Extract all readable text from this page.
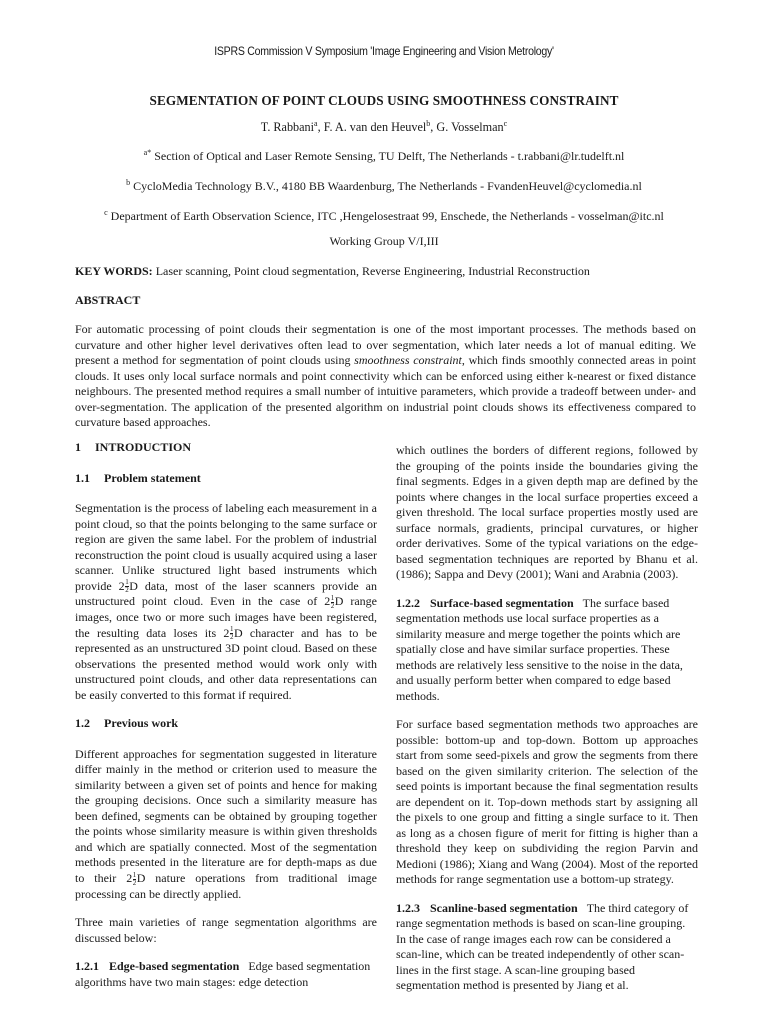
ISPRS Commission V Symposium 'Image Engineering and Vision Metrology'
SEGMENTATION OF POINT CLOUDS USING SMOOTHNESS CONSTRAINT
T. Rabbani$^a$, F. A. van den Heuvel$^b$, G. Vosselman$^c$
$^{a*}$ Section of Optical and Laser Remote Sensing, TU Delft, The Netherlands - t.rabbani@lr.tudelft.nl
$^b$ CycloMedia Technology B.V., 4180 BB Waardenburg, The Netherlands - FvandenHeuvel@cyclomedia.nl
$^c$ Department of Earth Observation Science, ITC ,Hengelosestraat 99, Enschede, the Netherlands - vosselman@itc.nl
Working Group V/I,III
KEY WORDS: Laser scanning, Point cloud segmentation, Reverse Engineering, Industrial Reconstruction
ABSTRACT

For automatic processing of point clouds their segmentation is one of the most important processes. The methods based on curvature and other higher level derivatives often lead to over segmentation, which later needs a lot of manual editing. We present a method for segmentation of point clouds using smoothness constraint, which finds smoothly connected areas in point clouds. It uses only local surface normals and point connectivity which can be enforced using either k-nearest or fixed distance neighbours. The presented method requires a small number of intuitive parameters, which provide a tradeoff between under- and over-segmentation. The application of the presented algorithm on industrial point clouds shows its effectiveness compared to curvature based approaches.

1 INTRODUCTION
1.1 Problem statement

Segmentation is the process of labeling each measurement in a point cloud, so that the points belonging to the same surface or region are given the same label. For the problem of industrial reconstruction the point cloud is usually acquired using a laser scanner. Unlike structured light based instruments which provide $2 \frac{1}{2}$ D data, most of the laser scanners provide an unstructured point cloud. Even in the case of $2 \frac{1}{2}$ D range images, once two or more such images have been registered, the resulting data loses its $2 \frac{1}{2}$ D character and has to be represented as an unstructured 3D point cloud. Based on these observations the presented method would work only with unstructured point clouds, and other data representations can be easily converted to this format if required.

1.2 Previous work

Different approaches for segmentation suggested in literature differ mainly in the method or criterion used to measure the similarity between a given set of points and hence for making the grouping decisions. Once such a similarity measure has been defined, segments can be obtained by grouping together the points whose similarity measure is within given thresholds and which are spatially connected. Most of the segmentation methods presented in the literature are for depth-maps as due to their $2 \frac{1}{2}$ D nature operations from traditional image processing can be directly applied.

Three main varieties of range segmentation algorithms are discussed below:

1.2.1 Edge-based segmentation Edge based segmentation algorithms have two main stages: edge detection

which outlines the borders of different regions, followed by the grouping of the points inside the boundaries giving the final segments. Edges in a given depth map are defined by the points where changes in the local surface properties exceed a given threshold. The local surface properties mostly used are surface normals, gradients, principal curvatures, or higher order derivatives. Some of the typical variations on the edge-based segmentation techniques are reported by Bhanu et al. (1986); Sappa and Devy (2001); Wani and Arabnia (2003).

1.2.2 Surface-based segmentation The surface based segmentation methods use local surface properties as a similarity measure and merge together the points which are spatially close and have similar surface properties. These methods are relatively less sensitive to the noise in the data, and usually perform better when compared to edge based methods.

For surface based segmentation methods two approaches are possible: bottom-up and top-down. Bottom up approaches start from some seed-pixels and grow the segments from there based on the given similarity criterion. The selection of the seed points is important because the final segmentation results are dependent on it. Top-down methods start by assigning all the pixels to one group and fitting a single surface to it. Then as long as a chosen figure of merit for fitting is higher than a threshold they keep on subdividing the region Parvin and Medioni (1986); Xiang and Wang (2004). Most of the reported methods for range segmentation use a bottom-up strategy.

1.2.3 Scanline-based segmentation The third category of range segmentation methods is based on scan-line grouping. In the case of range images each row can be considered a scan-line, which can be treated independently of other scan-lines in the first stage. A scan-line grouping based segmentation method is presented by Jiang et al.
